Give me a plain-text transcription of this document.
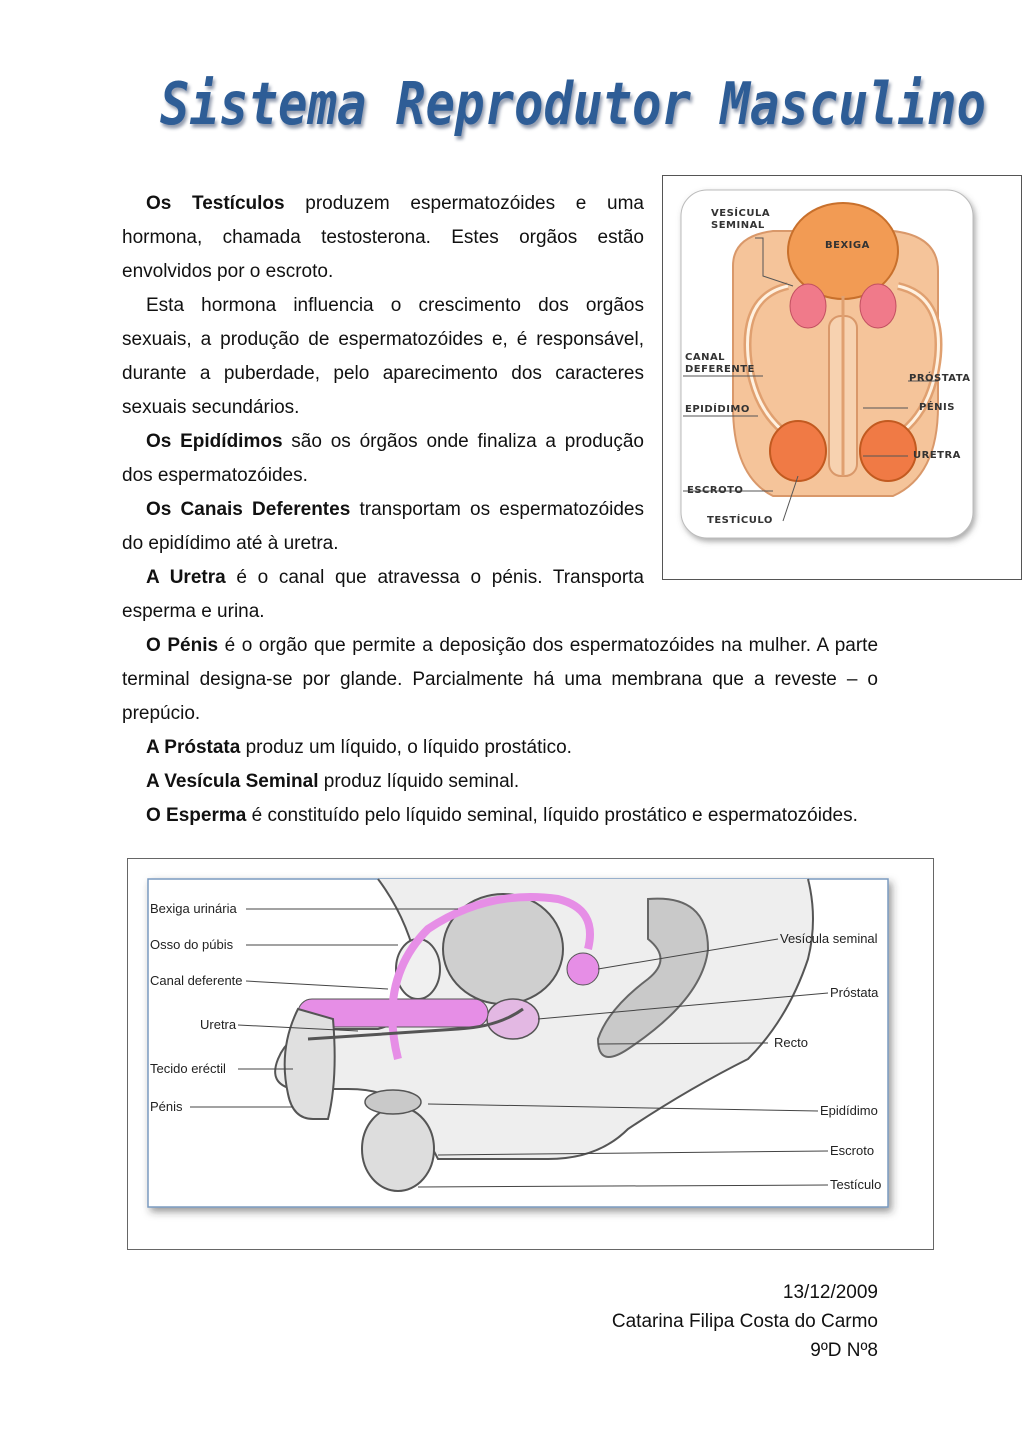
Sistema Reprodutor Masculino

Os Testículos produzem espermatozóides e uma hormona, chamada testosterona. Estes orgãos estão envolvidos por o escroto.

Esta hormona influencia o crescimento dos orgãos sexuais, a produção de espermatozóides e, é responsável, durante a puberdade, pelo aparecimento dos caracteres sexuais secundários.

Os Epidídimos são os órgãos onde finaliza a produção dos espermatozóides.

Os Canais Deferentes transportam os espermatozóides do epidídimo até à uretra.

A Uretra é o canal que atravessa o pénis. Transporta esperma e urina.

O Pénis é o orgão que permite a deposição dos espermatozóides na mulher. A parte terminal designa-se por glande. Parcialmente há uma membrana que a reveste – o prepúcio.

A Próstata produz um líquido, o líquido prostático.

A Vesícula Seminal produz líquido seminal.

O Esperma é constituído pelo líquido seminal, líquido prostático e espermatozóides.

VESÍCULA
SEMINAL
BEXIGA
CANAL
DEFERENTE
PRÓSTATA
EPIDÍDIMO	PÉNIS
URETRA
ESCROTO
TESTÍCULO
Bexiga urinária
Osso do púbis
Canal deferente
Uretra
Tecido eréctil
Pénis
Vesícula seminal
Próstata
Recto
Epidídimo
Escroto
Testículo
13/12/2009
Catarina Filipa Costa do Carmo
9ºD Nº8
